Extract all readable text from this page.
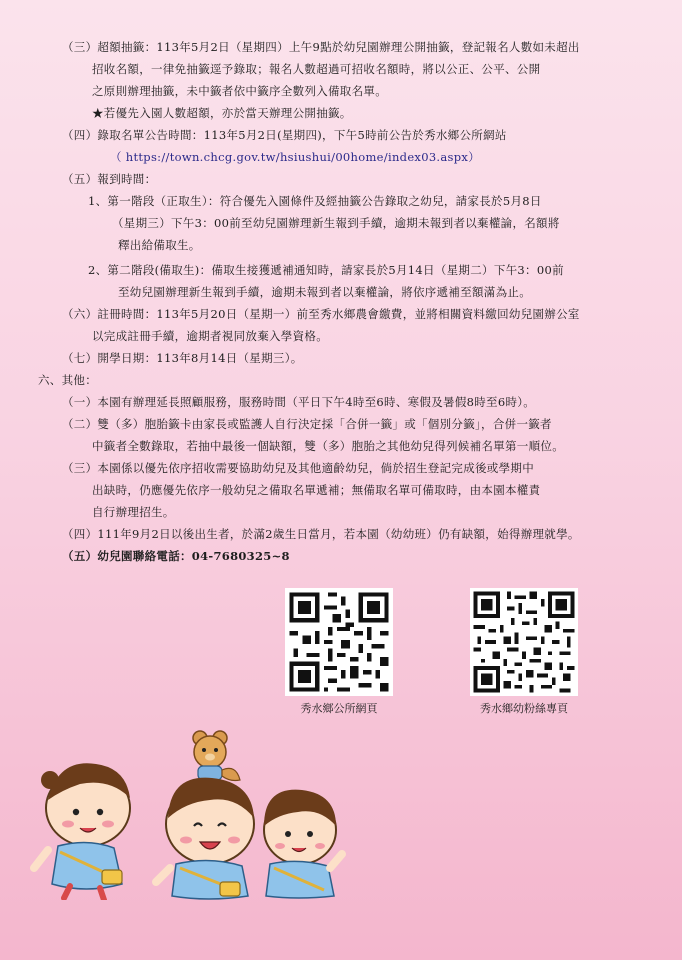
（三）超額抽籤：113年5月2日（星期四）上午9點於幼兒園辦理公開抽籤，登記報名人數如未超出
招收名額，一律免抽籤逕予錄取；報名人數超過可招收名額時，將以公正、公平、公開
之原則辦理抽籤，未中籤者依中籤序全數列入備取名單。
★若優先入園人數超額，亦於當天辦理公開抽籤。
（四）錄取名單公告時間：113年5月2日(星期四)，下午5時前公告於秀水鄉公所網站
（ https://town.chcg.gov.tw/hsiushui/00home/index03.aspx）
（五）報到時間：
1、第一階段（正取生）：符合優先入園條件及經抽籤公告錄取之幼兒，請家長於5月8日
（星期三）下午3：00前至幼兒園辦理新生報到手續，逾期未報到者以棄權論，名額將
釋出給備取生。
2、第二階段(備取生)：備取生接獲遞補通知時，請家長於5月14日（星期二）下午3：00前
至幼兒園辦理新生報到手續，逾期未報到者以棄權論，將依序遞補至額滿為止。
（六）註冊時間：113年5月20日（星期一）前至秀水鄉農會繳費，並將相關資料繳回幼兒園辦公室
以完成註冊手續，逾期者視同放棄入學資格。
（七）開學日期：113年8月14日（星期三）。
六、其他：
（一）本園有辦理延長照顧服務，服務時間（平日下午4時至6時、寒假及暑假8時至6時）。
（二）雙（多）胞胎籤卡由家長或監護人自行決定採「合併一籤」或「個別分籤」，合併一籤者
中籤者全數錄取，若抽中最後一個缺額，雙（多）胞胎之其他幼兒得列候補名單第一順位。
（三）本園係以優先依序招收需要協助幼兒及其他適齡幼兒，倘於招生登記完成後或學期中
出缺時，仍應優先依序一般幼兒之備取名單遞補；無備取名單可備取時，由本園本權責
自行辦理招生。
（四）111年9月2日以後出生者，於滿2歲生日當月，若本園（幼幼班）仍有缺額，始得辦理就學。
（五）幼兒園聯絡電話：04-7680325~8
秀水鄉公所網頁	秀水鄉幼粉絲專頁
